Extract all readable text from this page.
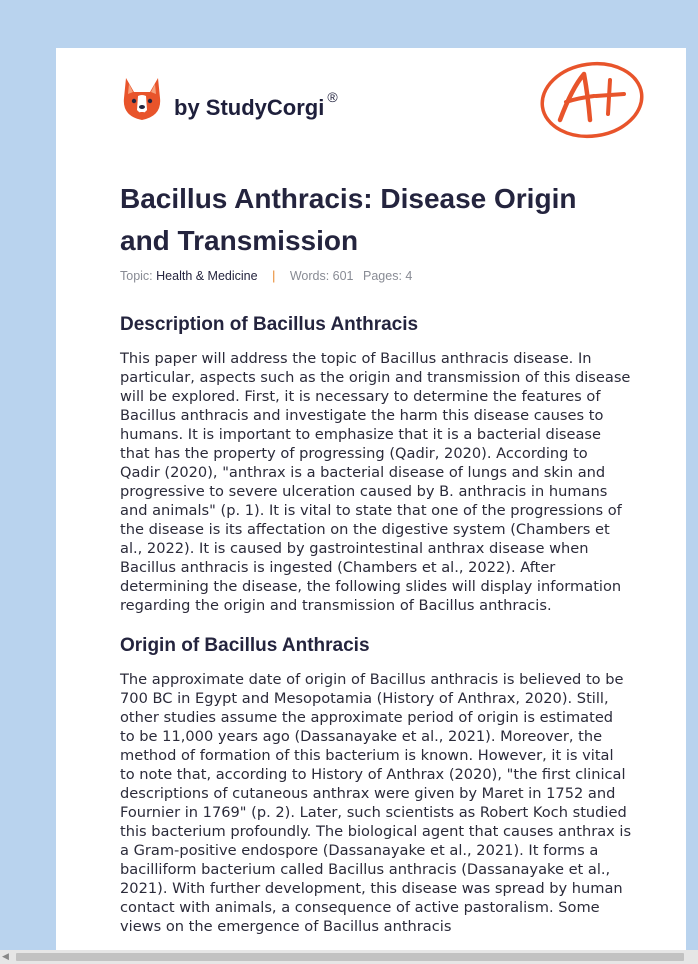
by StudyCorgi ®
Bacillus Anthracis: Disease Origin and Transmission
Topic: Health & Medicine | Words: 601 Pages: 4
Description of Bacillus Anthracis

This paper will address the topic of Bacillus anthracis disease. In particular, aspects such as the origin and transmission of this disease will be explored. First, it is necessary to determine the features of Bacillus anthracis and investigate the harm this disease causes to humans. It is important to emphasize that it is a bacterial disease that has the property of progressing (Qadir, 2020). According to Qadir (2020), "anthrax is a bacterial disease of lungs and skin and progressive to severe ulceration caused by B. anthracis in humans and animals" (p. 1). It is vital to state that one of the progressions of the disease is its affectation on the digestive system (Chambers et al., 2022). It is caused by gastrointestinal anthrax disease when Bacillus anthracis is ingested (Chambers et al., 2022). After determining the disease, the following slides will display information regarding the origin and transmission of Bacillus anthracis.

Origin of Bacillus Anthracis

The approximate date of origin of Bacillus anthracis is believed to be 700 BC in Egypt and Mesopotamia (History of Anthrax, 2020). Still, other studies assume the approximate period of origin is estimated to be 11,000 years ago (Dassanayake et al., 2021). Moreover, the method of formation of this bacterium is known. However, it is vital to note that, according to History of Anthrax (2020), "the first clinical descriptions of cutaneous anthrax were given by Maret in 1752 and Fournier in 1769" (p. 2). Later, such scientists as Robert Koch studied this bacterium profoundly. The biological agent that causes anthrax is a Gram-positive endospore (Dassanayake et al., 2021). It forms a bacilliform bacterium called Bacillus anthracis (Dassanayake et al., 2021). With further development, this disease was spread by human contact with animals, a consequence of active pastoralism. Some views on the emergence of Bacillus anthracis

◀
